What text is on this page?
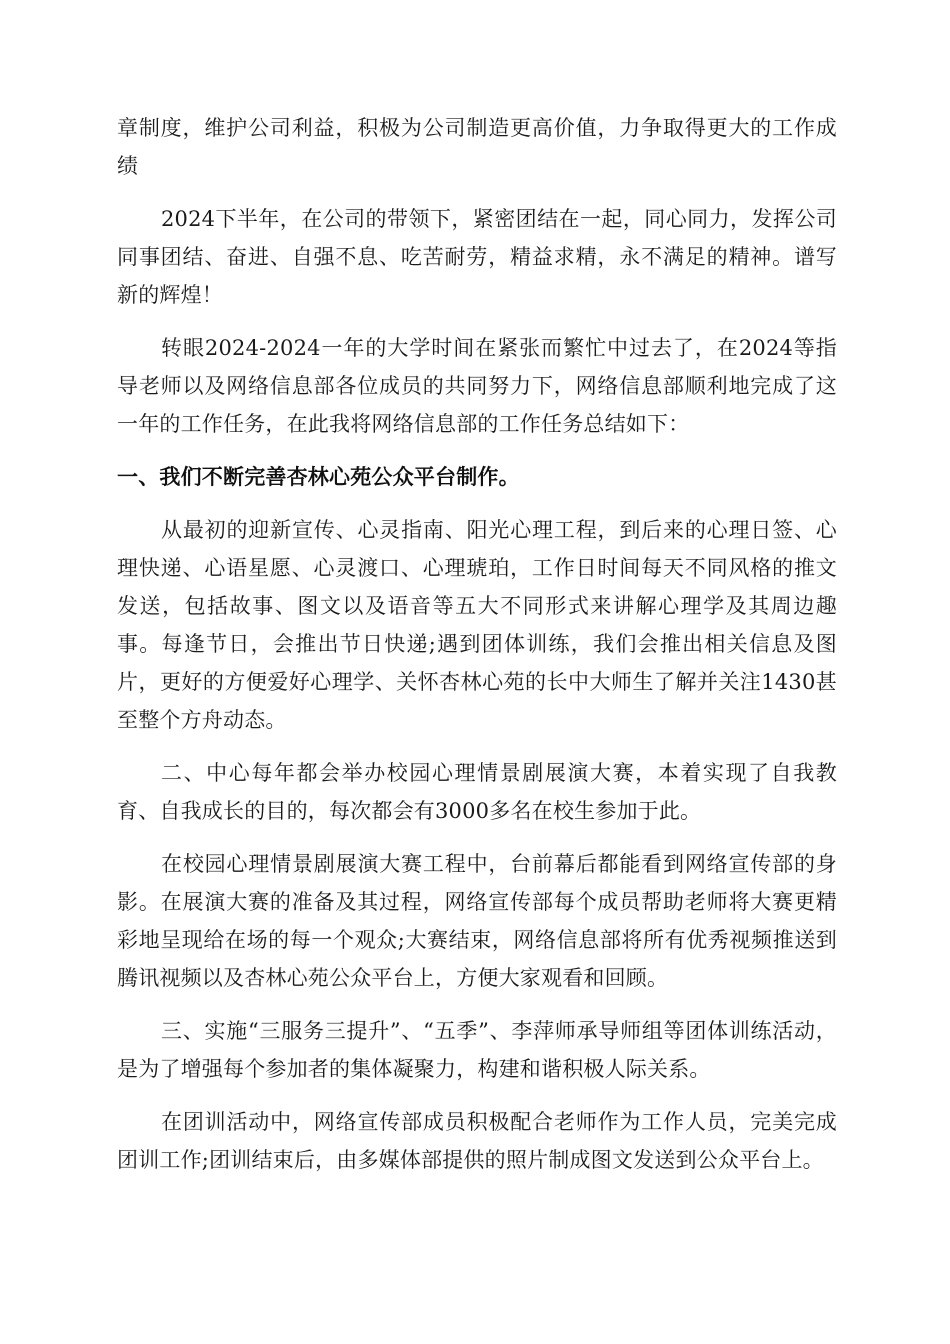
章制度，维护公司利益，积极为公司制造更高价值，力争取得更大的工作成绩

2024下半年，在公司的带领下，紧密团结在一起，同心同力，发挥公司同事团结、奋进、自强不息、吃苦耐劳，精益求精，永不满足的精神。谱写新的辉煌！

转眼2024-2024一年的大学时间在紧张而繁忙中过去了，在2024等指导老师以及网络信息部各位成员的共同努力下，网络信息部顺利地完成了这一年的工作任务，在此我将网络信息部的工作任务总结如下：

一、我们不断完善杏林心苑公众平台制作。

从最初的迎新宣传、心灵指南、阳光心理工程，到后来的心理日签、心理快递、心语星愿、心灵渡口、心理琥珀，工作日时间每天不同风格的推文发送，包括故事、图文以及语音等五大不同形式来讲解心理学及其周边趣事。每逢节日，会推出节日快递;遇到团体训练，我们会推出相关信息及图片，更好的方便爱好心理学、关怀杏林心苑的长中大师生了解并关注1430甚至整个方舟动态。

二、中心每年都会举办校园心理情景剧展演大赛，本着实现了自我教育、自我成长的目的，每次都会有3000多名在校生参加于此。

在校园心理情景剧展演大赛工程中，台前幕后都能看到网络宣传部的身影。在展演大赛的准备及其过程，网络宣传部每个成员帮助老师将大赛更精彩地呈现给在场的每一个观众;大赛结束，网络信息部将所有优秀视频推送到腾讯视频以及杏林心苑公众平台上，方便大家观看和回顾。

三、实施“三服务三提升”、“五季”、李萍师承导师组等团体训练活动，是为了增强每个参加者的集体凝聚力，构建和谐积极人际关系。

在团训活动中，网络宣传部成员积极配合老师作为工作人员，完美完成团训工作;团训结束后，由多媒体部提供的照片制成图文发送到公众平台上。
